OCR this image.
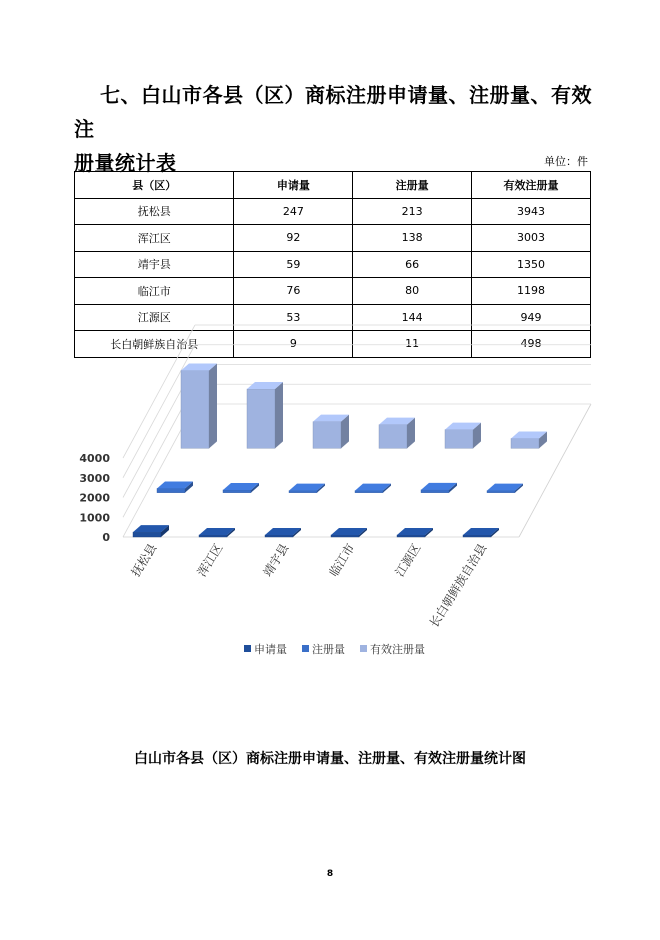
七、白山市各县（区）商标注册申请量、注册量、有效注
册量统计表	单位：件
县（区）	申请量	注册量	有效注册量
抚松县	247	213	3943
浑江区	92	138	3003
靖宇县	59	66	1350
临江市	76	80	1198
江源区	53	144	949
长白朝鲜族自治县	9	11	498
0
1000
2000
3000
4000
抚松县	浑江区	靖宇县	临江市	江源区 长白朝鲜族自治县
申请量 注册量 有效注册量
白山市各县（区）商标注册申请量、注册量、有效注册量统计图
8
